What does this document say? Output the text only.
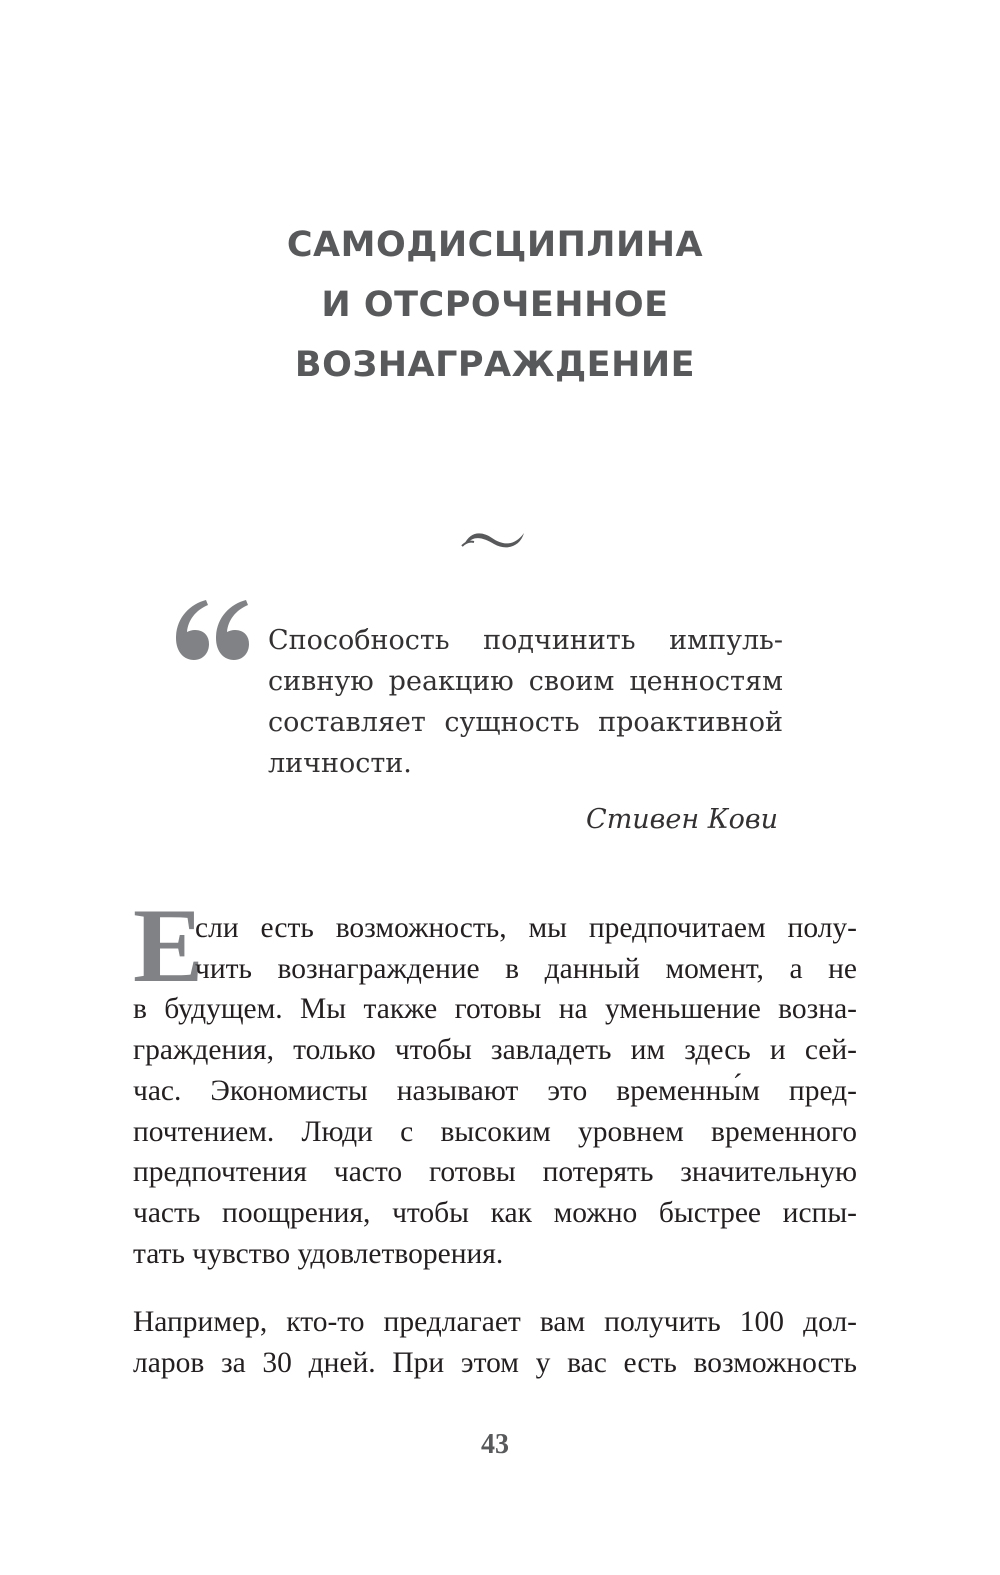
САМОДИСЦИПЛИНА
И ОТСРОЧЕННОЕ
ВОЗНАГРАЖДЕНИЕ
Способность подчинить импуль-
сивную реакцию своим ценностям
составляет сущность проактивной
личности.
Стивен Кови
Е
сли есть возможность, мы предпочитаем полу-
чить вознаграждение в данный момент, а не
в будущем. Мы также готовы на уменьшение возна-
граждения, только чтобы завладеть им здесь и сей-
час. Экономисты называют это временны́м пред-
почтением. Люди с высоким уровнем временного
предпочтения часто готовы потерять значительную
часть поощрения, чтобы как можно быстрее испы-
тать чувство удовлетворения.
Например, кто-то предлагает вам получить 100 дол-
ларов за 30 дней. При этом у вас есть возможность
43
